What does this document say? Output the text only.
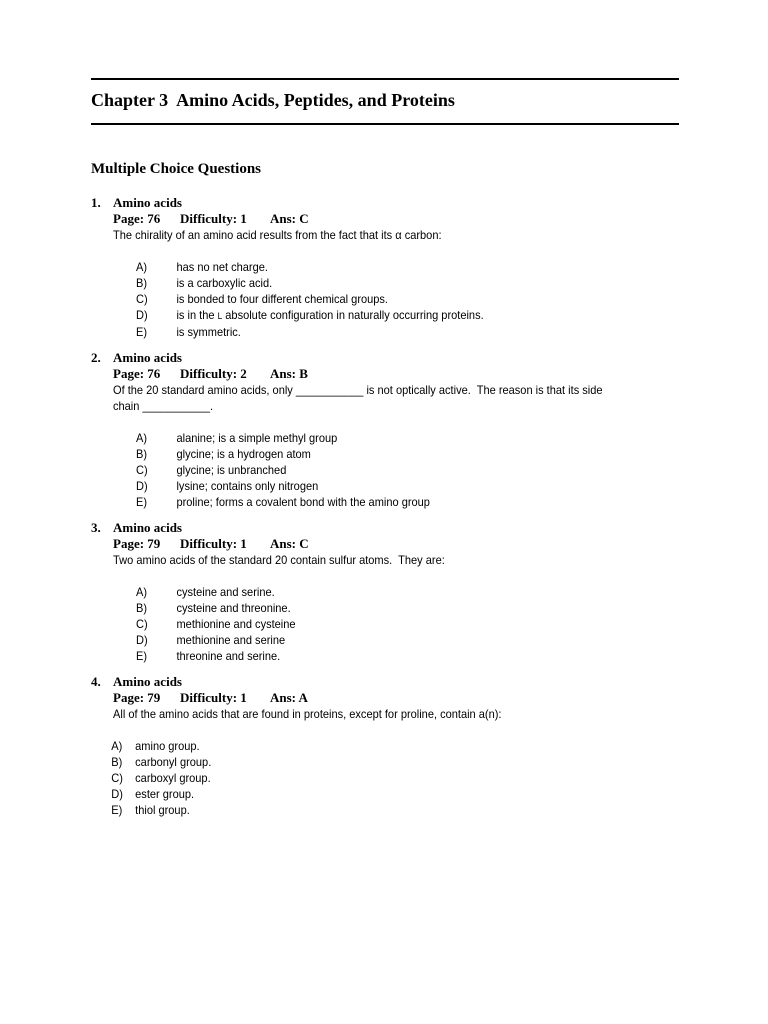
Chapter 3  Amino Acids, Peptides, and Proteins
Multiple Choice Questions
1. Amino acids
Page: 76	Difficulty: 1	Ans: C
The chirality of an amino acid results from the fact that its α carbon:
A)	has no net charge.
B)	is a carboxylic acid.
C)	is bonded to four different chemical groups.
D)	is in the L absolute configuration in naturally occurring proteins.
E)	is symmetric.
2. Amino acids
Page: 76	Difficulty: 2	Ans: B
Of the 20 standard amino acids, only ___________ is not optically active.  The reason is that its side
chain ___________.
A)	alanine; is a simple methyl group
B)	glycine; is a hydrogen atom
C)	glycine; is unbranched
D)	lysine; contains only nitrogen
E)	proline; forms a covalent bond with the amino group
3. Amino acids
Page: 79	Difficulty: 1	Ans: C
Two amino acids of the standard 20 contain sulfur atoms.  They are:
A)	cysteine and serine.
B)	cysteine and threonine.
C)	methionine and cysteine
D)	methionine and serine
E)	threonine and serine.
4. Amino acids
Page: 79	Difficulty: 1	Ans: A
All of the amino acids that are found in proteins, except for proline, contain a(n):
A)	amino group.
B)	carbonyl group.
C)	carboxyl group.
D)	ester group.
E)	thiol group.
